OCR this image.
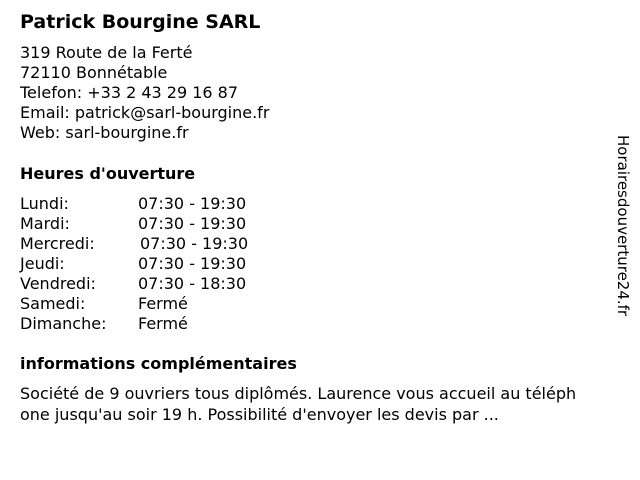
Patrick Bourgine SARL
319 Route de la Ferté
72110 Bonnétable
Telefon: +33 2 43 29 16 87
Email: patrick@sarl-bourgine.fr
Web: sarl-bourgine.fr
Heures d'ouverture
Lundi:	07:30 - 19:30
Mardi:	07:30 - 19:30
Mercredi:	07:30 - 19:30
Jeudi:	07:30 - 19:30
Vendredi:	07:30 - 18:30
Samedi:	Fermé
Dimanche: Fermé
informations complémentaires
Société de 9 ouvriers tous diplômés. Laurence vous accueil au téléph
one jusqu'au soir 19 h. Possibilité d'envoyer les devis par ...
Horairesdouverture24.fr
